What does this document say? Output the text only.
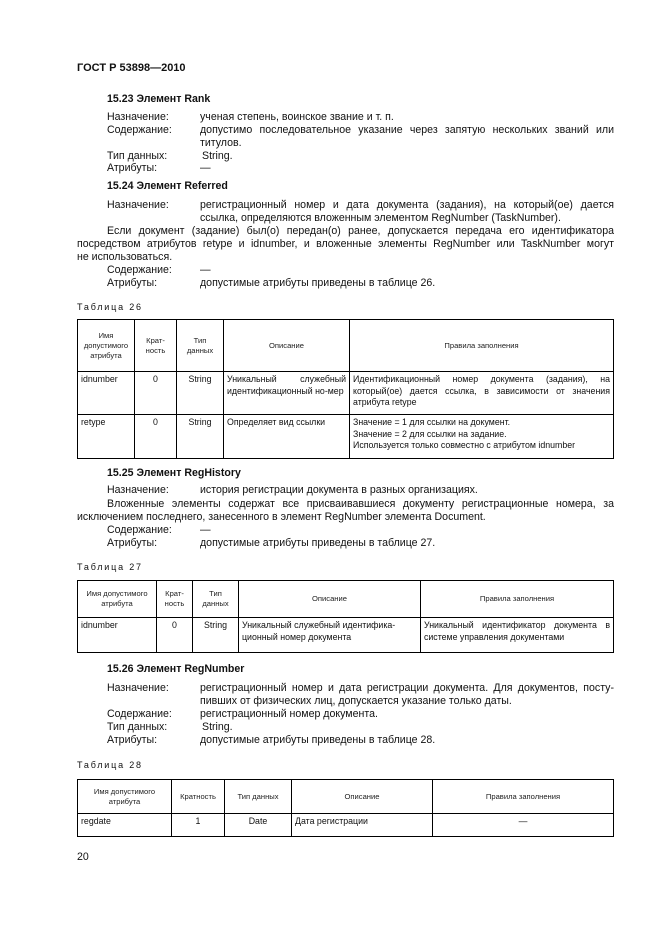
ГОСТ Р 53898—2010
15.23 Элемент Rank
Назначение:	ученая степень, воинское звание и т. п.
Содержание:	допустимо последовательное указание через запятую нескольких званий или
титулов.
Тип данных:	String.
Атрибуты:	—
15.24 Элемент Referred
Назначение:	регистрационный номер и дата документа (задания), на который(ое) дается
ссылка, определяются вложенным элементом RegNumber (TaskNumber).
Если документ (задание) был(о) передан(о) ранее, допускается передача его идентификатора
посредством атрибутов retype и idnumber, и вложенные элементы RegNumber или TaskNumber могут
не использоваться.
Содержание:	—
Атрибуты:	допустимые атрибуты приведены в таблице 26.
Таблица 26
Имя допустимого атрибута	Крат-ность	Тип данных	Описание	Правила заполнения
idnumber	0	String	Уникальный служебный идентификационный но-мер	Идентификационный номер документа (задания), на который(ое) дается ссылка, в зависимости от значения атрибута retype
retype	0	String	Определяет вид ссылки	Значение = 1 для ссылки на документ.
Значение = 2 для ссылки на задание.
Используется только совместно с атрибутом idnumber
15.25 Элемент RegHistory
Назначение:	история регистрации документа в разных организациях.
Вложенные элементы содержат все присваивавшиеся документу регистрационные номера, за
исключением последнего, занесенного в элемент RegNumber элемента Document.
Содержание:	—
Атрибуты:	допустимые атрибуты приведены в таблице 27.
Таблица 27
Имя допустимого атрибута	Крат-ность	Тип данных	Описание	Правила заполнения
idnumber	0	String	Уникальный служебный идентифика-ционный номер документа	Уникальный идентификатор документа в системе управления документами
15.26 Элемент RegNumber
Назначение:	регистрационный номер и дата регистрации документа. Для документов, посту-
пивших от физических лиц, допускается указание только даты.
Содержание:	регистрационный номер документа.
Тип данных:	String.
Атрибуты:	допустимые атрибуты приведены в таблице 28.
Таблица 28
Имя допустимого атрибута	Кратность	Тип данных	Описание	Правила заполнения
regdate	1	Date	Дата регистрации	—
20
